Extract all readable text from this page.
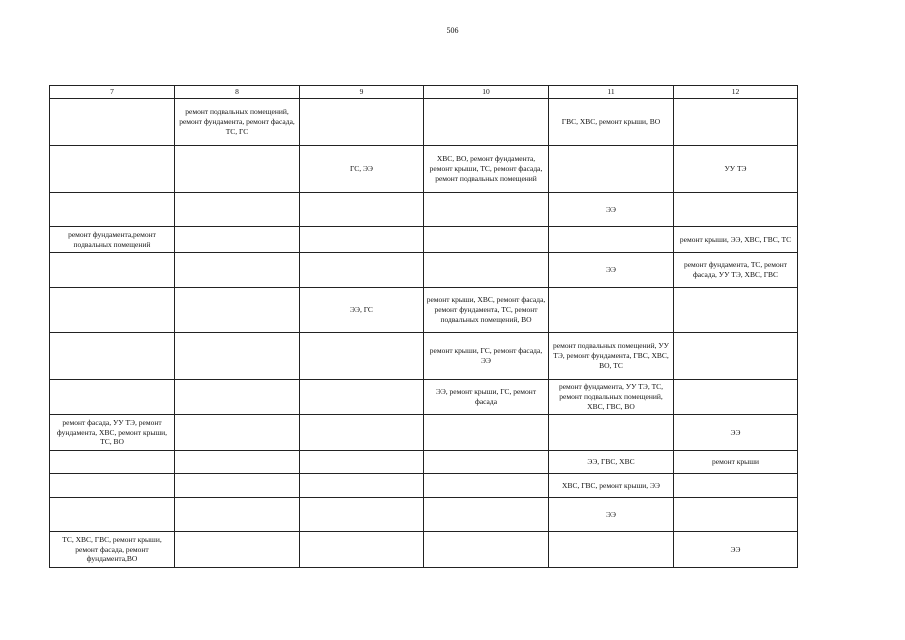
506
7	8	9	10	11	12
	ремонт подвальных помещений, ремонт фундамента, ремонт фасада, ТС, ГС			ГВС, ХВС, ремонт крыши, ВО	
		ГС, ЭЭ	ХВС, ВО, ремонт фундамента, ремонт крыши, ТС, ремонт фасада, ремонт подвальных помещений		УУ ТЭ
				ЭЭ	
ремонт фундамента,ремонт подвальных помещений					ремонт крыши, ЭЭ, ХВС, ГВС, ТС
				ЭЭ	ремонт фундамента, ТС, ремонт фасада, УУ ТЭ, ХВС, ГВС
		ЭЭ, ГС	ремонт крыши, ХВС, ремонт фасада, ремонт фундамента, ТС, ремонт подвальных помещений, ВО		
			ремонт крыши, ГС, ремонт фасада, ЭЭ	ремонт подвальных помещений, УУ ТЭ, ремонт фундамента, ГВС, ХВС, ВО, ТС	
			ЭЭ, ремонт крыши, ГС, ремонт фасада	ремонт фундамента, УУ ТЭ, ТС, ремонт подвальных помещений, ХВС, ГВС, ВО	
ремонт фасада, УУ ТЭ, ремонт фундамента, ХВС, ремонт крыши, ТС, ВО					ЭЭ
				ЭЭ, ГВС, ХВС	ремонт крыши
				ХВС, ГВС, ремонт крыши, ЭЭ	
				ЭЭ	
ТС, ХВС, ГВС, ремонт крыши, ремонт фасада, ремонт фундамента,ВО					ЭЭ
